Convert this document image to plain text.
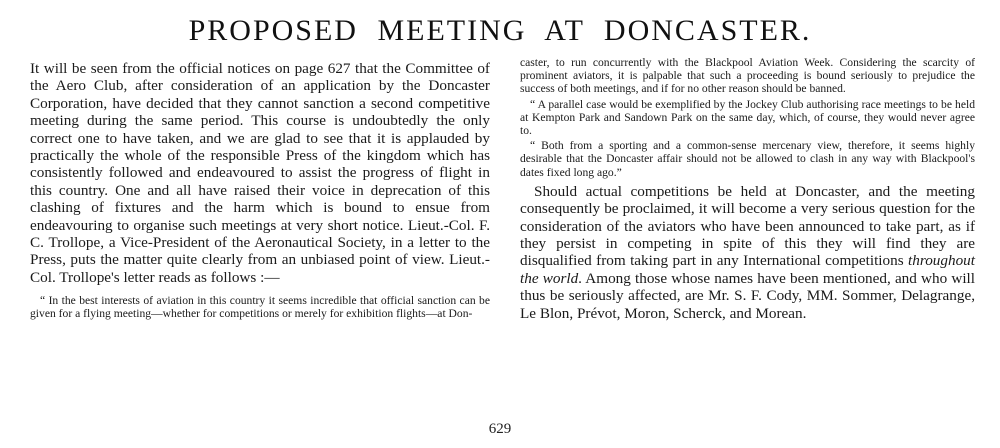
PROPOSED MEETING AT DONCASTER.

It will be seen from the official notices on page 627 that the Committee of the Aero Club, after consideration of an application by the Doncaster Corporation, have decided that they cannot sanction a second competitive meeting during the same period. This course is undoubtedly the only correct one to have taken, and we are glad to see that it is applauded by practically the whole of the responsible Press of the kingdom which has consistently followed and endeavoured to assist the progress of flight in this country. One and all have raised their voice in deprecation of this clashing of fixtures and the harm which is bound to ensue from endeavouring to organise such meetings at very short notice. Lieut.-Col. F. C. Trollope, a Vice-President of the Aeronautical Society, in a letter to the Press, puts the matter quite clearly from an unbiased point of view. Lieut.-Col. Trollope's letter reads as follows :—

“ In the best interests of aviation in this country it seems incredible that official sanction can be given for a flying meeting—whether for competitions or merely for exhibition flights—at Don-

caster, to run concurrently with the Blackpool Aviation Week. Considering the scarcity of prominent aviators, it is palpable that such a proceeding is bound seriously to prejudice the success of both meetings, and if for no other reason should be banned.

“ A parallel case would be exemplified by the Jockey Club authorising race meetings to be held at Kempton Park and Sandown Park on the same day, which, of course, they would never agree to.

“ Both from a sporting and a common-sense mercenary view, therefore, it seems highly desirable that the Doncaster affair should not be allowed to clash in any way with Blackpool's dates fixed long ago.”

Should actual competitions be held at Doncaster, and the meeting consequently be proclaimed, it will become a very serious question for the consideration of the aviators who have been announced to take part, as if they persist in competing in spite of this they will find they are disqualified from taking part in any International competitions throughout the world. Among those whose names have been mentioned, and who will thus be seriously affected, are Mr. S. F. Cody, MM. Sommer, Delagrange, Le Blon, Prévot, Moron, Scherck, and Morean.

629
